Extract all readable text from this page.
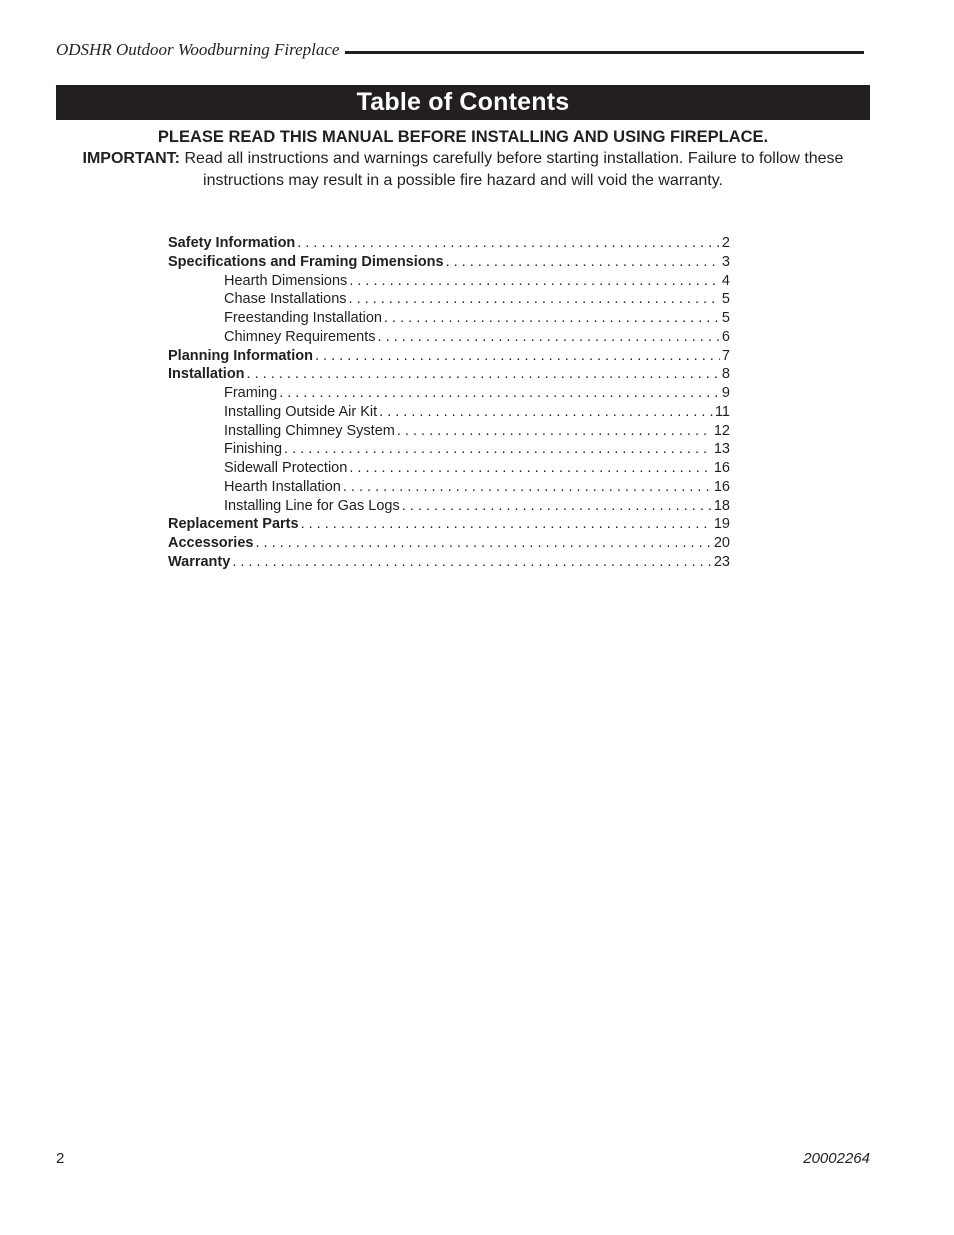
ODSHR Outdoor Woodburning Fireplace
Table of Contents
PLEASE READ THIS MANUAL BEFORE INSTALLING AND USING FIREPLACE.

IMPORTANT: Read all instructions and warnings carefully before starting installation. Failure to follow these instructions may result in a possible fire hazard and will void the warranty.

Safety Information . . .	2
Specifications and Framing Dimensions . . .	3
Hearth Dimensions . . .	4
Chase Installations . . .	5
Freestanding Installation . . .	5
Chimney Requirements . . .	6
Planning Information . . .	7
Installation . . .	8
Framing . . .	9
Installing Outside Air Kit . . .	11
Installing Chimney System . . .	12
Finishing . . .	13
Sidewall Protection . . .	16
Hearth Installation . . .	16
Installing Line for Gas Logs . . .	18
Replacement Parts . . .	19
Accessories . . .	20
Warranty . . .	23
2	20002264
